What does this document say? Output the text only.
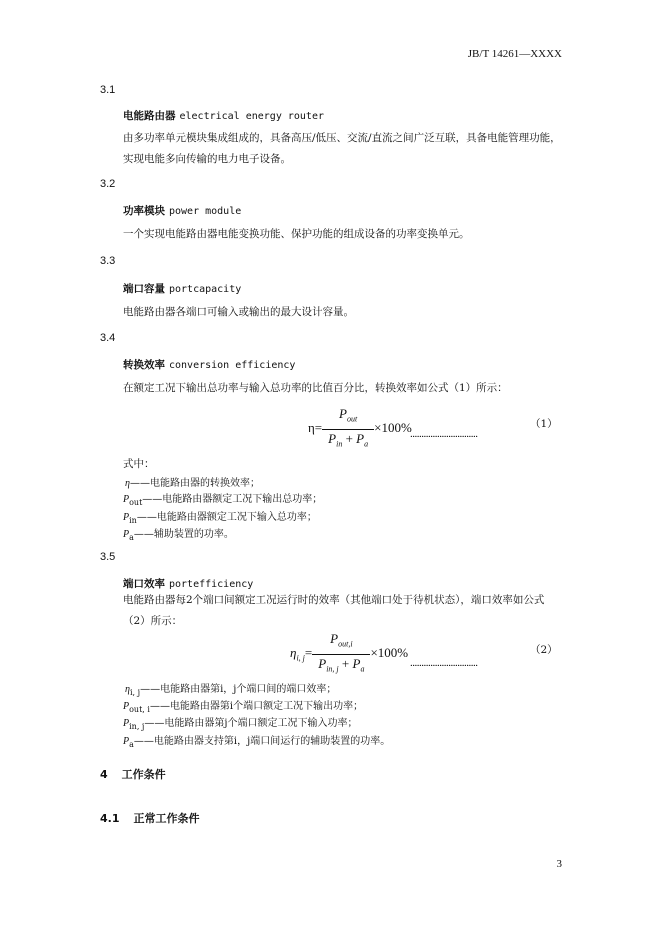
JB/T 14261—XXXX
3.1
电能路由器 electrical energy router
由多功率单元模块集成组成的，具备高压/低压、交流/直流之间广泛互联，具备电能管理功能，实现电能多向传输的电力电子设备。
3.2
功率模块 power module
一个实现电能路由器电能变换功能、保护功能的组成设备的功率变换单元。
3.3
端口容量 portcapacity
电能路由器各端口可输入或输出的最大设计容量。
3.4
转换效率 conversion efficiency
在额定工况下输出总功率与输入总功率的比值百分比，转换效率如公式（1）所示：
$\eta= \frac{P_{out}}{P_{in} + P_a} \times 100\%$
..............................
（1）
式中：
η——电能路由器的转换效率；
$P_{out}——$电能路由器额定工况下输出总功率；
$P_{in}——$电能路由器额定工况下输入总功率；
$P_a——$辅助装置的功率。
3.5
端口效率 portefficiency
电能路由器每2个端口间额定工况运行时的效率（其他端口处于待机状态），端口效率如公式（2）所示：
$\eta_{i, j}= \frac{P_{out,i}}{P_{in, j} + P_a} \times 100\%$
..............................
（2）
$\eta_{i, j}——$电能路由器第i，j个端口间的端口效率；
$P_{out, i}——$电能路由器第i个端口额定工况下输出功率；
$P_{in, j}——$电能路由器第j个端口额定工况下输入功率；
$P_a——$电能路由器支持第i，j端口间运行的辅助装置的功率。
4 工作条件
4.1 正常工作条件
3
